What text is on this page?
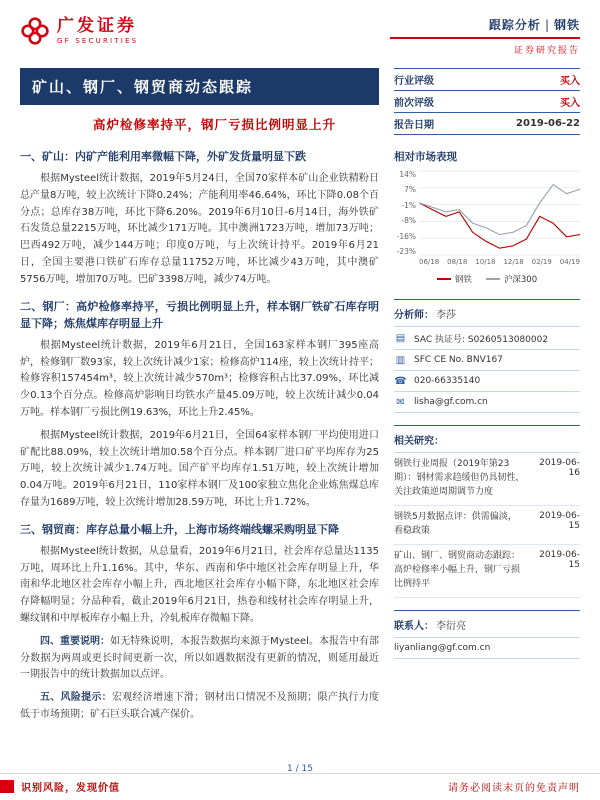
广发证券
GF SECURITIES
跟踪分析 | 钢铁
证券研究报告
矿山、钢厂、钢贸商动态跟踪
高炉检修率持平，钢厂亏损比例明显上升
一、矿山：内矿产能利用率微幅下降，外矿发货量明显下跌

根据Mysteel统计数据，2019年5月24日，全国70家样本矿山企业铁精粉日总产量8万吨，较上次统计下降0.24%；产能利用率46.64%，环比下降0.08个百分点；总库存38万吨，环比下降6.20%。2019年6月10日-6月14日，海外铁矿石发货总量2215万吨，环比减少171万吨。其中澳洲1723万吨，增加73万吨；巴西492万吨，减少144万吨；印度0万吨，与上次统计持平。2019年6月21日，全国主要港口铁矿石库存总量11752万吨，环比减少43万吨，其中澳矿5756万吨，增加70万吨。巴矿3398万吨，减少74万吨。

二、钢厂：高炉检修率持平，亏损比例明显上升，样本钢厂铁矿石库存明显下降；炼焦煤库存明显上升

根据Mysteel统计数据，2019年6月21日，全国163家样本钢厂395座高炉，检修钢厂数93家，较上次统计减少1家；检修高炉114座，较上次统计持平；检修容积157454m³，较上次统计减少570m³；检修容积占比37.09%，环比减少0.13个百分点。检修高炉影响日均铁水产量45.09万吨，较上次统计减少0.04万吨。样本钢厂亏损比例19.63%，环比上升2.45%。

根据Mysteel统计数据，2019年6月21日，全国64家样本钢厂平均使用进口矿配比88.09%，较上次统计增加0.58个百分点。样本钢厂进口矿平均库存为25万吨，较上次统计减少1.74万吨。国产矿平均库存1.51万吨，较上次统计增加0.04万吨。2019年6月21日，110家样本钢厂及100家独立焦化企业炼焦煤总库存量为1689万吨，较上次统计增加28.59万吨，环比上升1.72%。

三、钢贸商：库存总量小幅上升，上海市场终端线螺采购明显下降

根据Mysteel统计数据，从总量看，2019年6月21日，社会库存总量达1135万吨，周环比上升1.16%。其中，华东、西南和华中地区社会库存明显上升，华南和华北地区社会库存小幅上升，西北地区社会库存小幅下降，东北地区社会库存降幅明显；分品种看，截止2019年6月21日，热卷和线材社会库存明显上升，螺纹钢和中厚板库存小幅上升，冷轧板库存微幅下降。

四、重要说明：如无特殊说明，本报告数据均来源于Mysteel。本报告中有部分数据为两周或更长时间更新一次，所以如遇数据没有更新的情况，则延用最近一期报告中的统计数据加以点评。

五、风险提示：宏观经济增速下滑；钢材出口情况不及预期；限产执行力度低于市场预期；矿石巨头联合减产保价。

行业评级	买入
前次评级	买入
报告日期	2019-06-22
相对市场表现
14%
7%
-1%
-8%
-16%
-23%
06/18 08/18 10/18 12/18 02/19 04/19
钢铁	沪深300
分析师： 李莎
▤ SAC 执证号: S0260513080002
▥ SFC CE No. BNV167
☎ 020-66335140
✉ lisha@gf.com.cn
相关研究：
钢铁行业周报（2019年第23期）：钢材需求趋缓但仍具韧性，关注政策逆周期调节力度
2019-06-16
钢铁5月数据点评：供需偏淡，看稳政策
2019-06-15
矿山、钢厂、钢贸商动态跟踪：高炉检修率小幅上升，钢厂亏损比例持平
2019-06-15
联系人： 李衍亮
liyanliang@gf.com.cn
1 / 15
识别风险，发现价值	请务必阅读末页的免责声明
